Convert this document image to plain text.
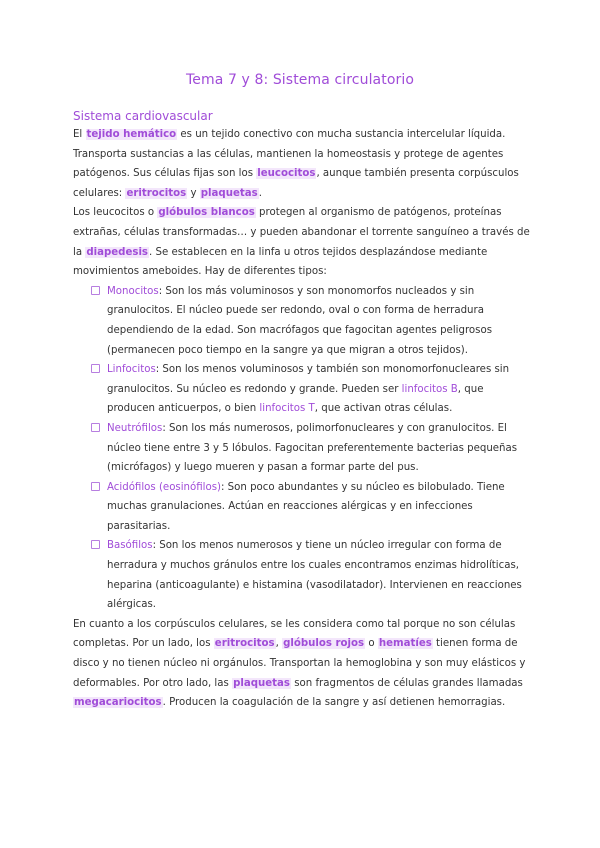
Tema 7 y 8: Sistema circulatorio
Sistema cardiovascular

El tejido hemático es un tejido conectivo con mucha sustancia intercelular líquida. Transporta sustancias a las células, mantienen la homeostasis y protege de agentes patógenos. Sus células fijas son los leucocitos, aunque también presenta corpúsculos celulares: eritrocitos y plaquetas.

Los leucocitos o glóbulos blancos protegen al organismo de patógenos, proteínas extrañas, células transformadas… y pueden abandonar el torrente sanguíneo a través de la diapedesis. Se establecen en la linfa u otros tejidos desplazándose mediante movimientos ameboides. Hay de diferentes tipos:

Monocitos: Son los más voluminosos y son monomorfos nucleados y sin granulocitos. El núcleo puede ser redondo, oval o con forma de herradura dependiendo de la edad. Son macrófagos que fagocitan agentes peligrosos (permanecen poco tiempo en la sangre ya que migran a otros tejidos).
Linfocitos: Son los menos voluminosos y también son monomorfonucleares sin granulocitos. Su núcleo es redondo y grande. Pueden ser linfocitos B, que producen anticuerpos, o bien linfocitos T, que activan otras células.
Neutrófilos: Son los más numerosos, polimorfonucleares y con granulocitos. El núcleo tiene entre 3 y 5 lóbulos. Fagocitan preferentemente bacterias pequeñas (micrófagos) y luego mueren y pasan a formar parte del pus.
Acidófilos (eosinófilos): Son poco abundantes y su núcleo es bilobulado. Tiene muchas granulaciones. Actúan en reacciones alérgicas y en infecciones parasitarias.
Basófilos: Son los menos numerosos y tiene un núcleo irregular con forma de herradura y muchos gránulos entre los cuales encontramos enzimas hidrolíticas, heparina (anticoagulante) e histamina (vasodilatador). Intervienen en reacciones alérgicas.

En cuanto a los corpúsculos celulares, se les considera como tal porque no son células completas. Por un lado, los eritrocitos, glóbulos rojos o hematíes tienen forma de disco y no tienen núcleo ni orgánulos. Transportan la hemoglobina y son muy elásticos y deformables. Por otro lado, las plaquetas son fragmentos de células grandes llamadas megacariocitos. Producen la coagulación de la sangre y así detienen hemorragias.
